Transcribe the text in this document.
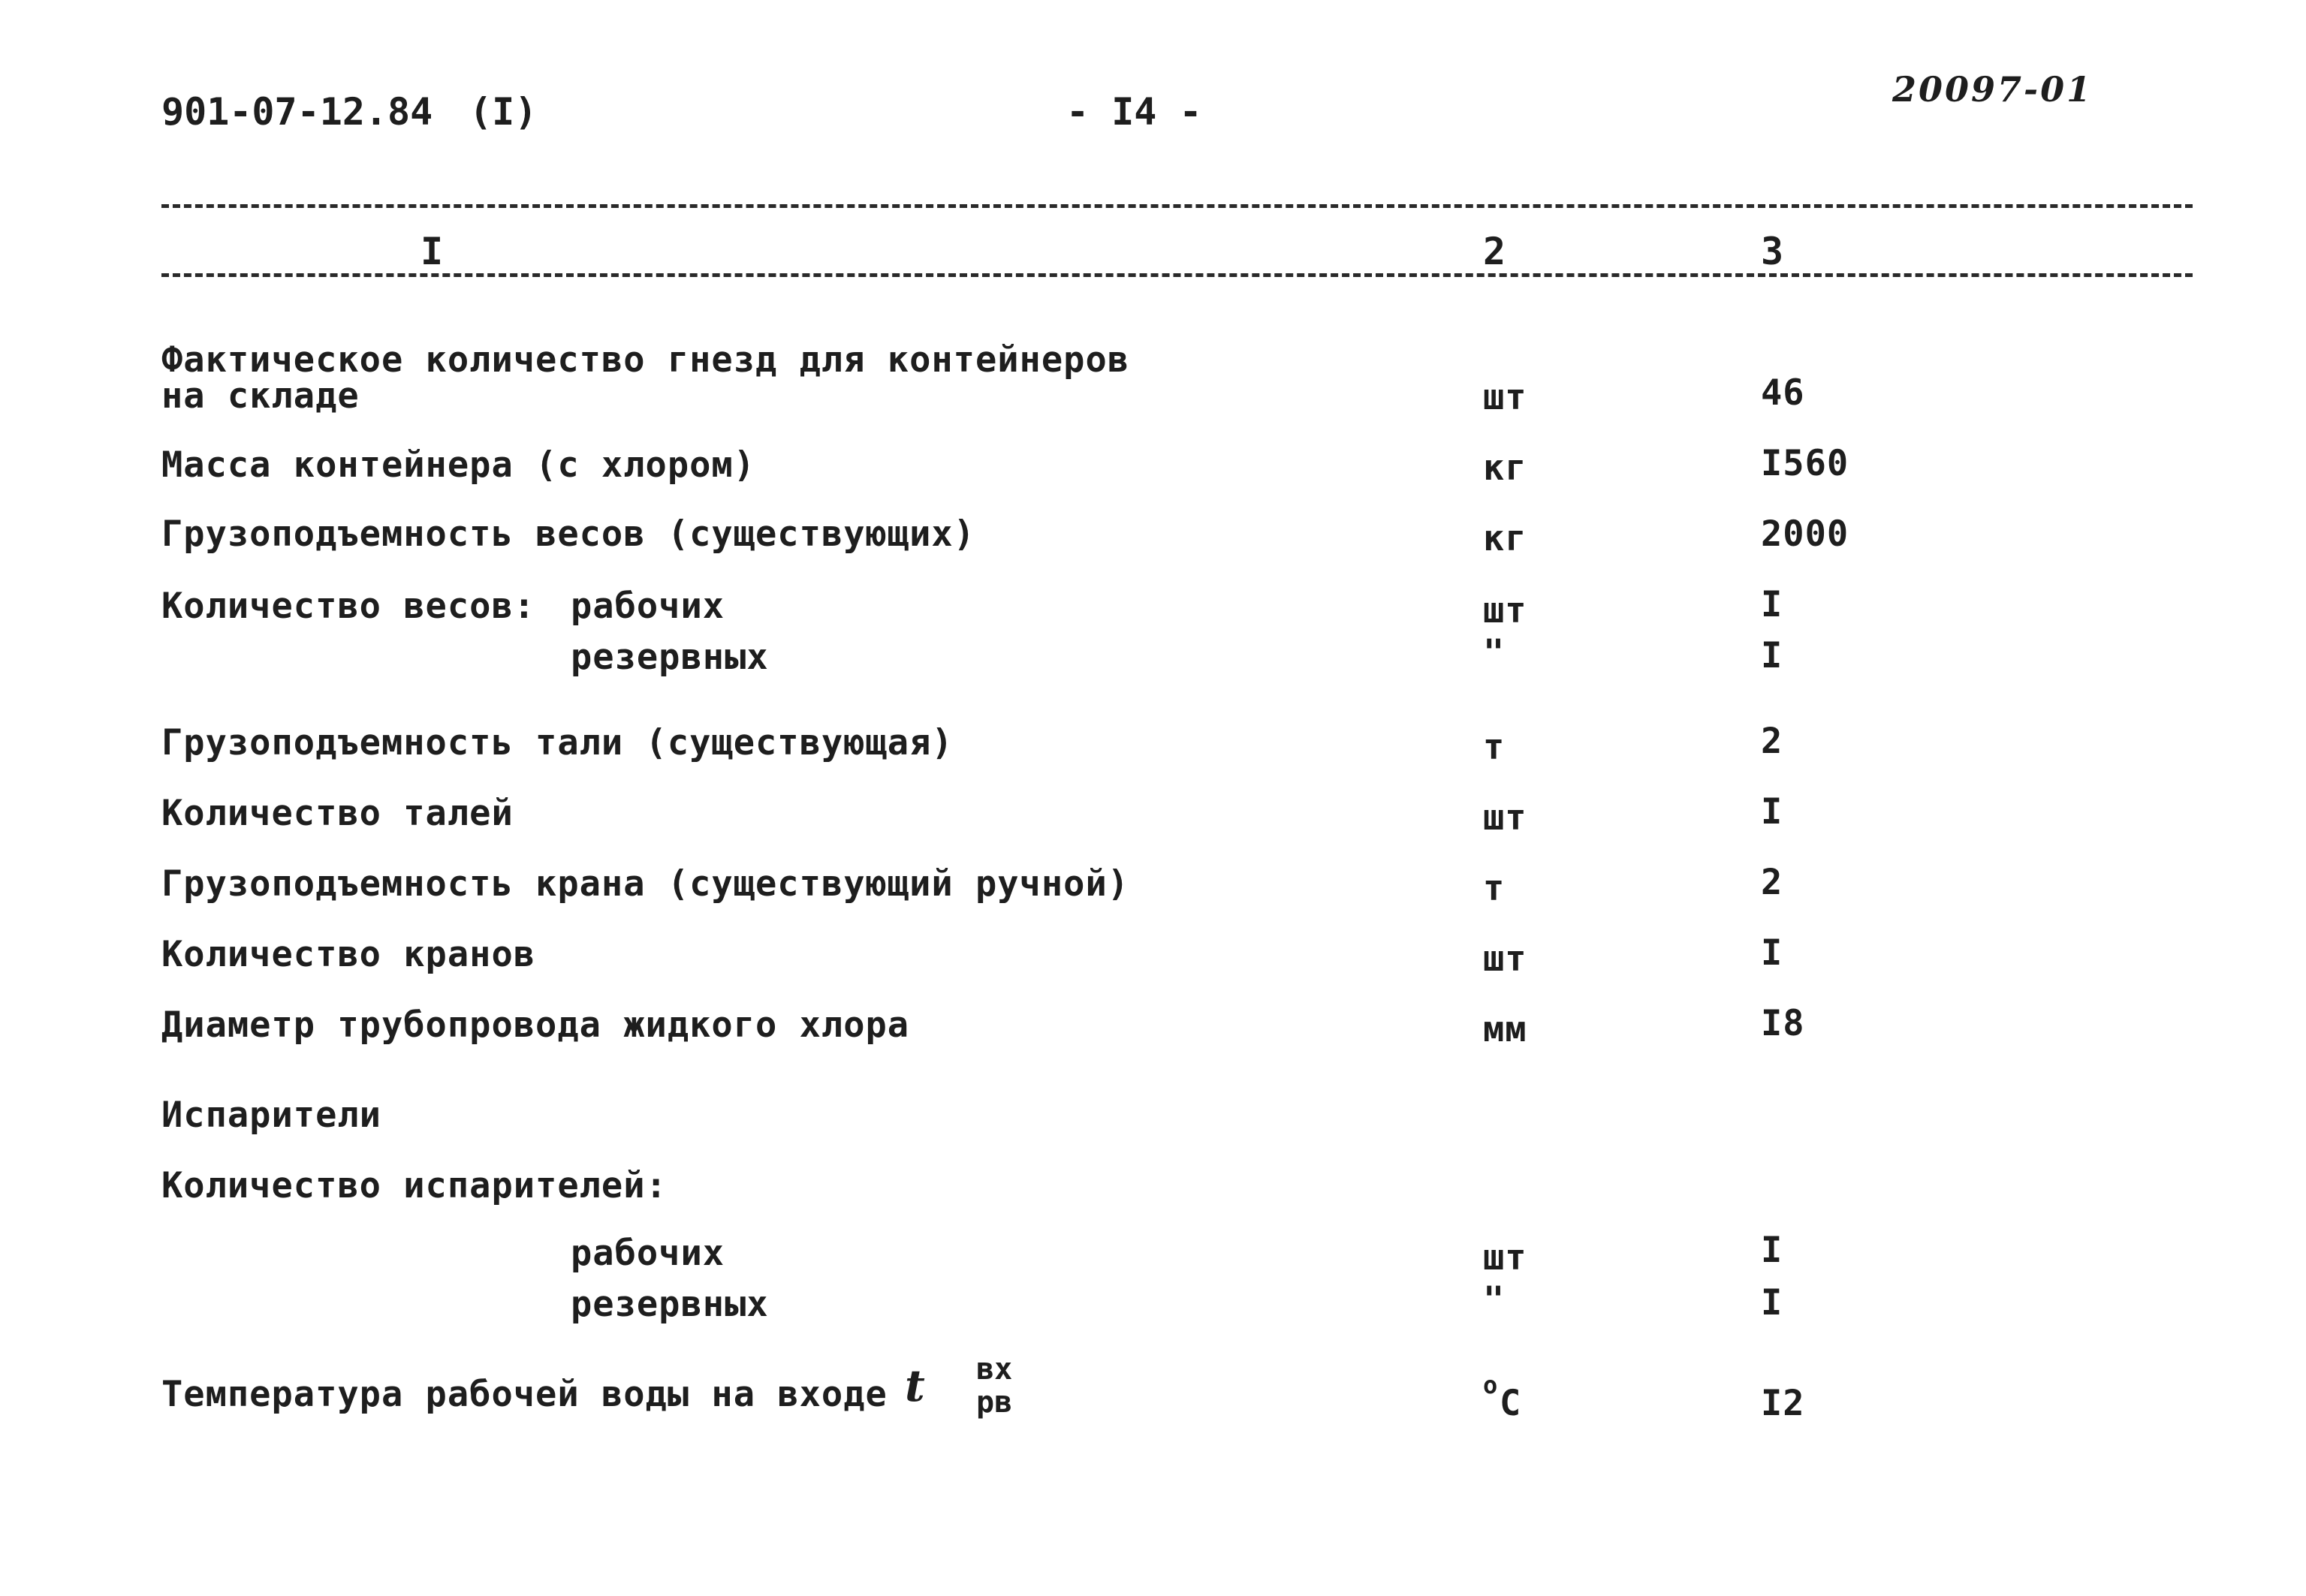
901-07-12.84 (I)	- I4 -
20097-01
I	2	3
Фактическое количество гнезд для контейнеров
на складе	шт	46
Масса контейнера (с хлором)	кг	I560
Грузоподъемность весов (существующих)	кг	2000
Количество весов: рабочих	шт	I
резервных	"	I
Грузоподъемность тали (существующая)	т	2
Количество талей	шт	I
Грузоподъемность крана (существующий ручной)	т	2
Количество кранов	шт	I
Диаметр трубопровода жидкого хлора	мм	I8
Испарители
Количество испарителей:
рабочих	шт	I
резервных	"	I
Температура рабочей воды на входе t вх
рв	о С	I2
